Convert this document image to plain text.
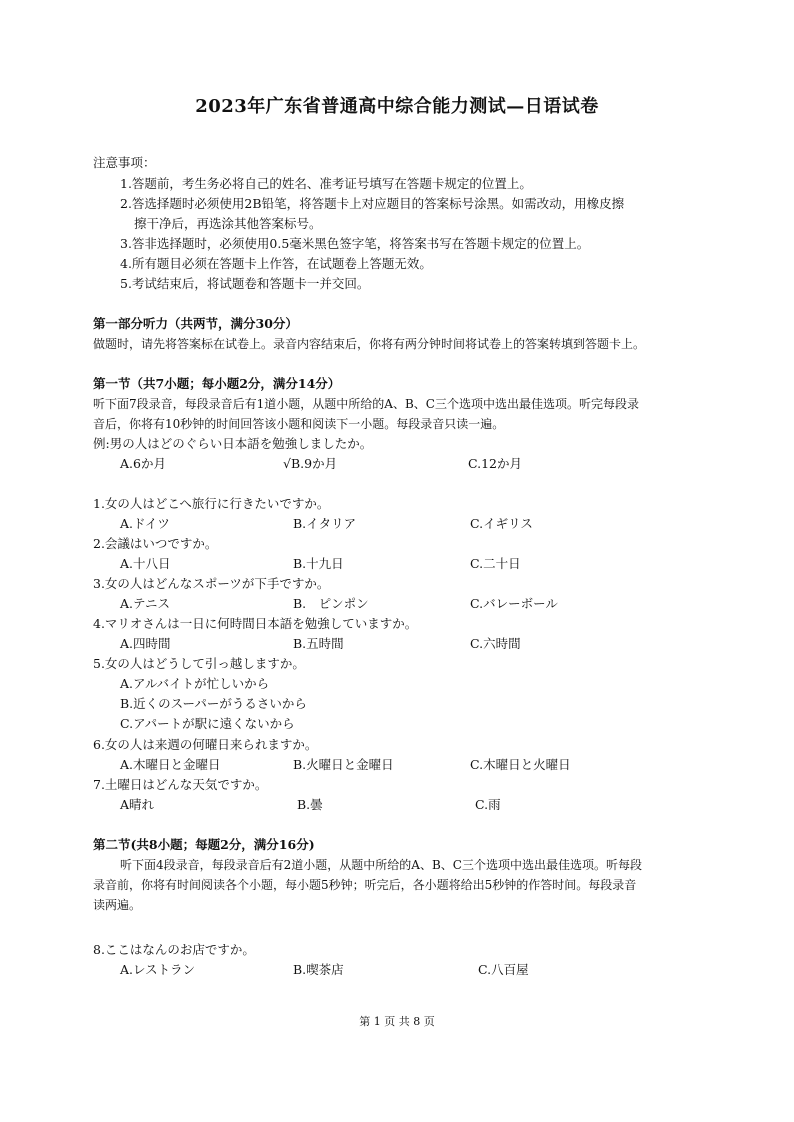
2023年广东省普通高中综合能力测试—日语试卷
注意事项：
1.答题前，考生务必将自己的姓名、准考证号填写在答题卡规定的位置上。
2.答选择题时必须使用2B铅笔，将答题卡上对应题目的答案标号涂黑。如需改动，用橡皮擦
擦干净后，再选涂其他答案标号。
3.答非选择题时，必须使用0.5毫米黑色签字笔，将答案书写在答题卡规定的位置上。
4.所有题目必须在答题卡上作答，在试题卷上答题无效。
5.考试结束后，将试题卷和答题卡一并交回。
第一部分听力（共两节，满分30分）
做题时，请先将答案标在试卷上。录音内容结束后，你将有两分钟时间将试卷上的答案转填到答题卡上。
第一节（共7小题；每小题2分，满分14分）
听下面7段录音，每段录音后有1道小题，从题中所给的A、B、C三个选项中选出最佳选项。听完每段录
音后，你将有10秒钟的时间回答该小题和阅读下一小题。每段录音只读一遍。
例:男の人はどのぐらい日本語を勉強しましたか。
A.6か月	√B.9か月	C.12か月
1.女の人はどこへ旅行に行きたいですか。
A.ドイツ	B.イタリア	C.イギリス
2.会議はいつですか。
A.十八日	B.十九日	C.二十日
3.女の人はどんなスポーツが下手ですか。
A.テニス	B.　ピンポン	C.バレーボール
4.マリオさんは一日に何時間日本語を勉強していますか。
A.四時間	B.五時間	C.六時間
5.女の人はどうして引っ越しますか。
A.アルバイトが忙しいから
B.近くのスーパーがうるさいから
C.アパートが駅に遠くないから
6.女の人は来週の何曜日来られますか。
A.木曜日と金曜日	B.火曜日と金曜日	C.木曜日と火曜日
7.土曜日はどんな天気ですか。
A晴れ	B.曇	C.雨
第二节(共8小题；每题2分，满分16分)
听下面4段录音，每段录音后有2道小题，从题中所给的A、B、C三个选项中选出最佳选项。听每段
录音前，你将有时间阅读各个小题，每小题5秒钟；听完后，各小题将给出5秒钟的作答时间。每段录音
读两遍。
8.ここはなんのお店ですか。
A.レストラン	B.喫茶店	C.八百屋
第 1 页 共 8 页
